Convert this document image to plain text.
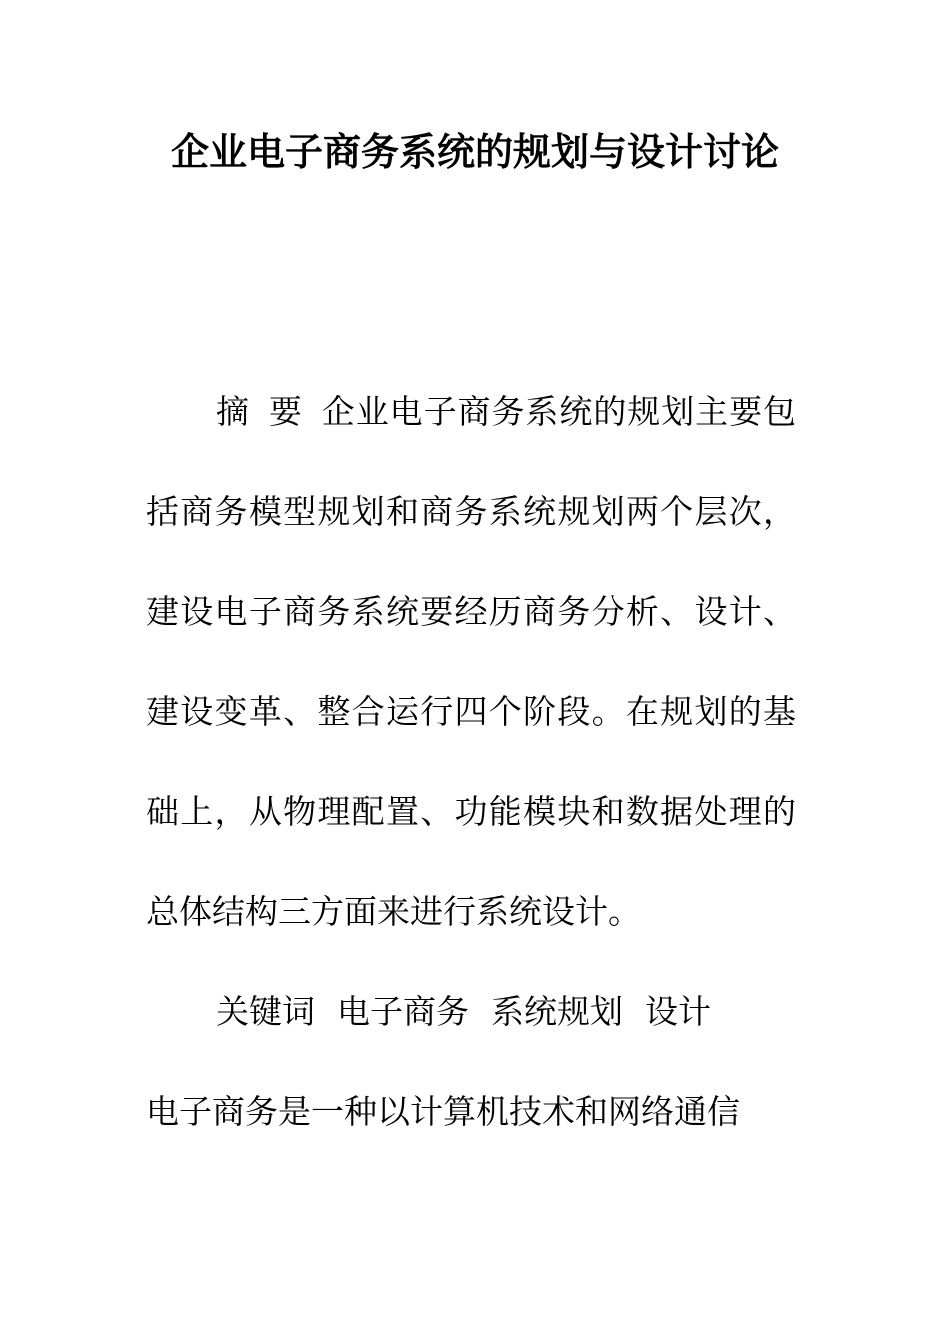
企业电子商务系统的规划与设计讨论

摘 要 企业电子商务系统的规划主要包括商务模型规划和商务系统规划两个层次，建设电子商务系统要经历商务分析、设计、建设变革、整合运行四个阶段。在规划的基础上，从物理配置、功能模块和数据处理的总体结构三方面来进行系统设计。

关键词 电子商务 系统规划 设计

电子商务是一种以计算机技术和网络通信
